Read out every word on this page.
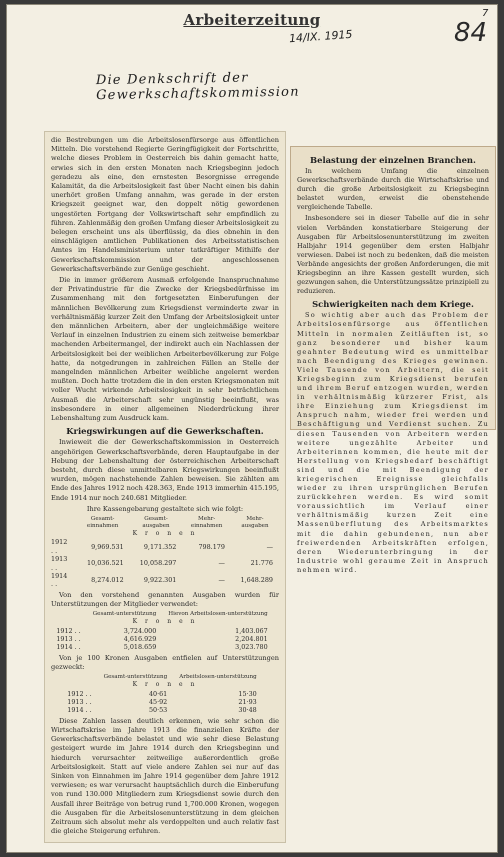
Arbeiterzeitung
14/IX. 1915	84
7
Die Denkschrift der Gewerkschaftskommission

die Bestrebungen um die Arbeitslosenfürsorge aus öffentlichen Mitteln. Die vorstehend Regierte Geringfügigkeit der Fortschritte, welche dieses Problem in Oesterreich bis dahin gemacht hatte, erwies sich in den ersten Monaten nach Kriegsbeginn jedoch geradezu als eine, den ernstesten Besorgnisse erregende Kalamität, da die Arbeitslosigkeit fast über Nacht einen bis dahin unerhört großen Umfang annahm, was gerade in der ersten Kriegszeit geeignet war, den doppelt nötig gewordenen ungestörten Fortgang der Volkswirtschaft sehr empfindlich zu führen. Zahlenmäßig den großen Umfang dieser Arbeitslosigkeit zu belegen erscheint uns als überflüssig, da dies obnehin in den einschlägigen amtlichen Publikationen des Arbeitsstatistischen Amtes im Handelsministerium unter tatkräftiger Mithilfe der Gewerkschaftskommission und der angeschlossenen Gewerkschaftsverbände zur Genüge geschieht.

Die in immer größerem Ausmaß erfolgende Inanspruchnahme der Privatindustrie für die Zwecke der Kriegsbedürfnisse im Zusammenhang mit den fortgesetzten Einberufungen der männlichen Bevölkerung zum Kriegsdienst verminderte zwar in verhältnismäßig kurzer Zeit den Umfang der Arbeitslosigkeit unter den männlichen Arbeitern, aber der ungleichmäßige weitere Verlauf in einzelnen Industrien zu einem sich zeitweise bemerkbar machenden Arbeitermangel, der indirekt auch ein Nachlassen der Arbeitslosigkeit bei der weiblichen Arbeiterbevölkerung zur Folge hatte, da notgedrungen in zahlreichen Fällen an Stelle der mangelnden männlichen Arbeiter weibliche angelernt werden mußten. Doch hatte trotzdem die in den ersten Kriegsmonaten mit voller Wucht wirkende Arbeitslosigkeit in sehr beträchtlichem Ausmaß die Arbeiterschaft sehr ungünstig beeinflußt, was insbesondere in einer allgemeinen Niederdrückung ihrer Lebenshaltung zum Ausdruck kam.

Kriegswirkungen auf die Gewerkschaften.

Inwieweit die der Gewerkschaftskommission in Oesterreich angehörigen Gewerkschaftsverbände, deren Hauptaufgabe in der Hebung der Lebenshaltung der österreichischen Arbeiterschaft besteht, durch diese unmittelbaren Kriegswirkungen beeinflußt wurden, mögen nachstehende Zahlen beweisen. Sie zählten am Ende des Jahres 1912 noch 428.363, Ende 1913 immerhin 415.195, Ende 1914 nur noch 240.681 Mitglieder.

Ihre Kassengebarung gestaltete sich wie folgt:

	Gesamt-einnahmen	Gesamt-ausgaben	Mehr-einnahmen	Mehr-ausgaben
K r o n e n				
1912 . .	9,969.531	9,171.352	798.179	—
1913 . .	10,036.521	10,058.297	—	21.776
1914 . .	8,274.012	9,922.301	—	1,648.289

Von den vorstehend genannten Ausgaben wurden für Unterstützungen der Mitglieder verwendet:

	Gesamt-unterstützung	Hievon Arbeitslosen-unterstützung
K r o n e n		
1912 . .	3,724.000	1,403.067
1913 . .	4,616.929	2,204.801
1914 . .	5,018.659	3,023.780

Von je 100 Kronen Ausgaben entfielen auf Unterstützungen gezweckt:

	Gesamt-unterstützung	Arbeitslosen-unterstützung
K r o n e n		
1912 . .	40·61	15·30
1913 . .	45·92	21·93
1914 . .	50·53	30·48

Diese Zahlen lassen deutlich erkennen, wie sehr schon die Wirtschaftskrise im Jahre 1913 die finanziellen Kräfte der Gewerkschaftsverbände belastet und wie sehr diese Belastung gesteigert wurde im Jahre 1914 durch den Kriegsbeginn und hiedurch verursachter zeitweilige außerordentlich große Arbeitslosigkeit. Statt auf viele andere Zahlen sei nur auf das Sinken von Einnahmen im Jahre 1914 gegenüber dem Jahre 1912 verwiesen; es war verursacht hauptsächlich durch die Einberufung von rund 130.000 Mitgliedern zum Kriegsdienst sowie durch den Ausfall ihrer Beiträge von betrug rund 1,700.000 Kronen, wogegen die Ausgaben für die Arbeitslosenunterstützung in dem gleichen Zeitraum sich absolut mehr als verdoppelten und auch relativ fast die gleiche Steigerung erfuhren.

Belastung der einzelnen Branchen.

In welchem Umfang die einzelnen Gewerkschaftsverbände durch die Wirtschaftskrise und durch die große Arbeitslosigkeit zu Kriegsbeginn belastet wurden, erweist die obenstehende vergleichende Tabelle.

Insbesondere sei in dieser Tabelle auf die in sehr vielen Verbänden konstatierbare Steigerung der Ausgaben für Arbeitslosenunterstützung im zweiten Halbjahr 1914 gegenüber dem ersten Halbjahr verwiesen. Dabei ist noch zu bedenken, daß die meisten Verbände angesichts der großen Anforderungen, die mit Kriegsbeginn an ihre Kassen gestellt wurden, sich gezwungen sahen, die Unterstützungssätze prinzipiell zu reduzieren.

Schwierigkeiten nach dem Kriege.

So wichtig aber auch das Problem der Arbeitslosenfürsorge aus öffentlichen Mitteln in normalen Zeitläuften ist, so ganz besonderer und bisher kaum geahnter Bedeutung wird es unmittelbar nach Beendigung des Krieges gewinnen. Viele Tausende von Arbeitern, die seit Kriegsbeginn zum Kriegsdienst berufen und ihrem Beruf entzogen wurden, werden in verhältnismäßig kürzerer Frist, als ihre Einziehung zum Kriegsdienst im Anspruch nahm, wieder frei werden und Beschäftigung und Verdienst suchen. Zu diesen Tausenden von Arbeitern werden weitere ungezählte Arbeiter und Arbeiterinnen kommen, die heute mit der Herstellung von Kriegsbedarf beschäftigt sind und die mit Beendigung der kriegerischen Ereignisse gleichfalls wieder zu ihren ursprünglichen Berufen zurückkehren werden. Es wird somit voraussichtlich im Verlauf einer verhältnismäßig kurzen Zeit eine Massenüberflutung des Arbeitsmarktes mit die dahin gebundenen, nun aber freiwerdenden Arbeitskräften erfolgen, deren Wiederunterbringung in der Industrie wohl geraume Zeit in Anspruch nehmen wird.
